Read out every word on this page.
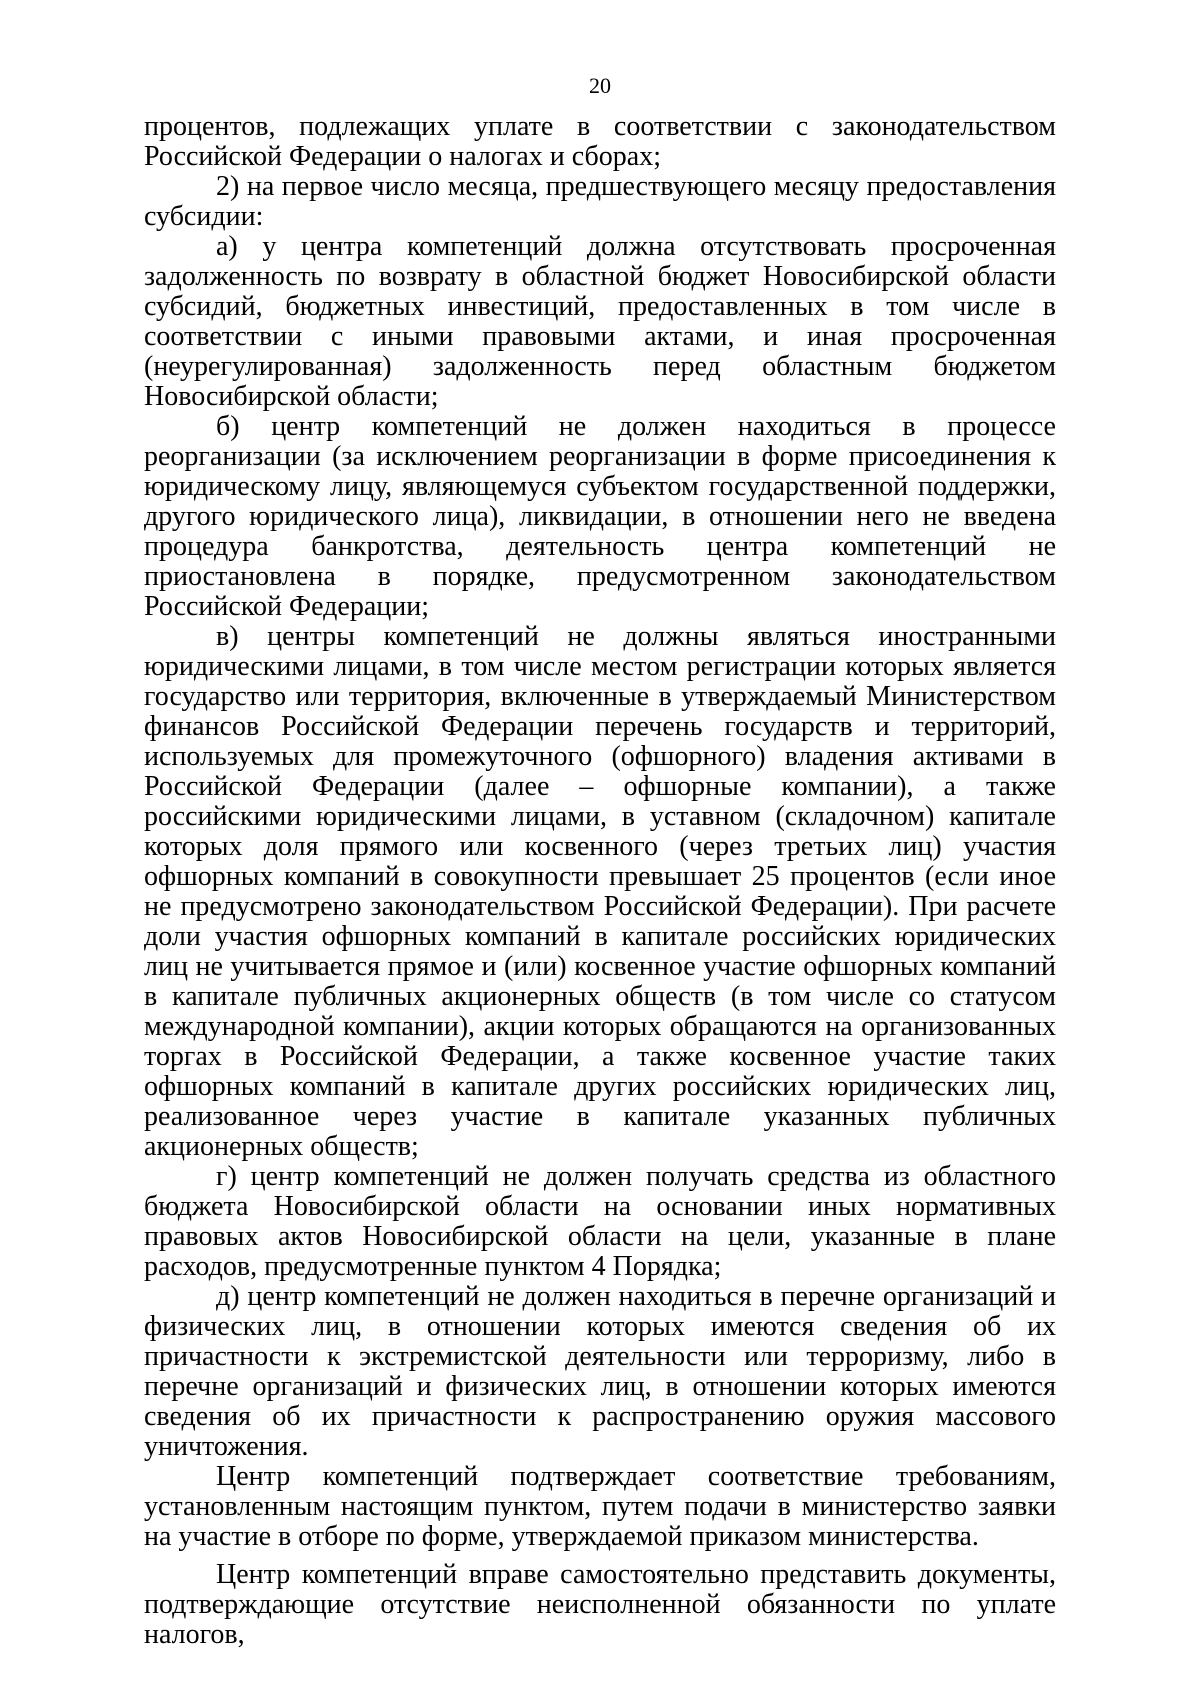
20

процентов, подлежащих уплате в соответствии с законодательством Российской Федерации о налогах и сборах;

2) на первое число месяца, предшествующего месяцу предоставления субсидии:

а) у центра компетенций должна отсутствовать просроченная задолженность по возврату в областной бюджет Новосибирской области субсидий, бюджетных инвестиций, предоставленных в том числе в соответствии с иными правовыми актами, и иная просроченная (неурегулированная) задолженность перед областным бюджетом Новосибирской области;

б) центр компетенций не должен находиться в процессе реорганизации (за исключением реорганизации в форме присоединения к юридическому лицу, являющемуся субъектом государственной поддержки, другого юридического лица), ликвидации, в отношении него не введена процедура банкротства, деятельность центра компетенций не приостановлена в порядке, предусмотренном законодательством Российской Федерации;

в) центры компетенций не должны являться иностранными юридическими лицами, в том числе местом регистрации которых является государство или территория, включенные в утверждаемый Министерством финансов Российской Федерации перечень государств и территорий, используемых для промежуточного (офшорного) владения активами в Российской Федерации (далее – офшорные компании), а также российскими юридическими лицами, в уставном (складочном) капитале которых доля прямого или косвенного (через третьих лиц) участия офшорных компаний в совокупности превышает 25 процентов (если иное не предусмотрено законодательством Российской Федерации). При расчете доли участия офшорных компаний в капитале российских юридических лиц не учитывается прямое и (или) косвенное участие офшорных компаний в капитале публичных акционерных обществ (в том числе со статусом международной компании), акции которых обращаются на организованных торгах в Российской Федерации, а также косвенное участие таких офшорных компаний в капитале других российских юридических лиц, реализованное через участие в капитале указанных публичных акционерных обществ;

г) центр компетенций не должен получать средства из областного бюджета Новосибирской области на основании иных нормативных правовых актов Новосибирской области на цели, указанные в плане расходов, предусмотренные пунктом 4 Порядка;

д) центр компетенций не должен находиться в перечне организаций и физических лиц, в отношении которых имеются сведения об их причастности к экстремистской деятельности или терроризму, либо в перечне организаций и физических лиц, в отношении которых имеются сведения об их причастности к распространению оружия массового уничтожения.

Центр компетенций подтверждает соответствие требованиям, установленным настоящим пунктом, путем подачи в министерство заявки на участие в отборе по форме, утверждаемой приказом министерства.

Центр компетенций вправе самостоятельно представить документы, подтверждающие отсутствие неисполненной обязанности по уплате налогов,
